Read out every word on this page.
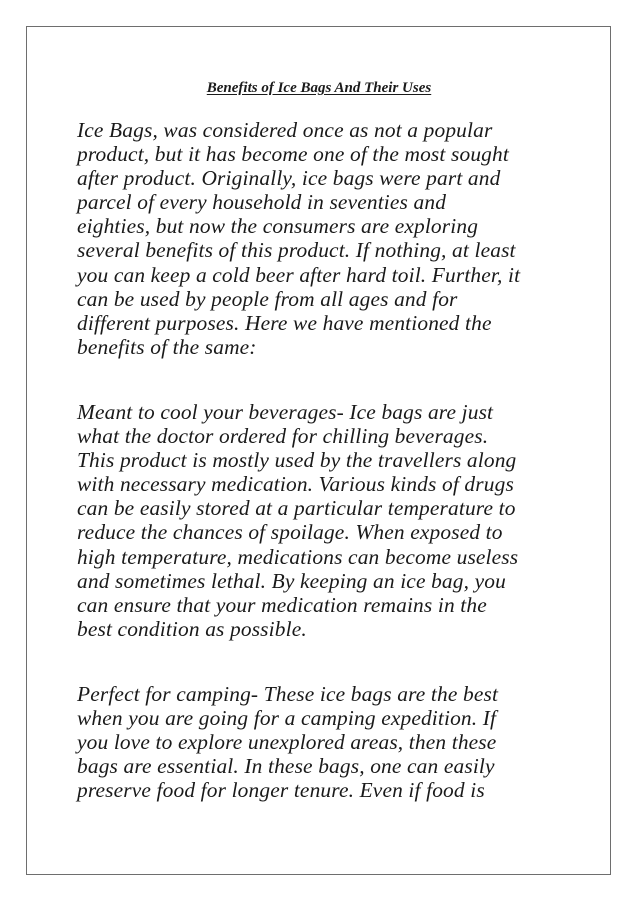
Benefits of Ice Bags And Their Uses
Ice Bags, was considered once as not a popular
product, but it has become one of the most sought
after product. Originally, ice bags were part and
parcel of every household in seventies and
eighties, but now the consumers are exploring
several benefits of this product. If nothing, at least
you can keep a cold beer after hard toil. Further, it
can be used by people from all ages and for
different purposes. Here we have mentioned the
benefits of the same:
Meant to cool your beverages- Ice bags are just
what the doctor ordered for chilling beverages.
This product is mostly used by the travellers along
with necessary medication. Various kinds of drugs
can be easily stored at a particular temperature to
reduce the chances of spoilage. When exposed to
high temperature, medications can become useless
and sometimes lethal. By keeping an ice bag, you
can ensure that your medication remains in the
best condition as possible.
Perfect for camping- These ice bags are the best
when you are going for a camping expedition. If
you love to explore unexplored areas, then these
bags are essential. In these bags, one can easily
preserve food for longer tenure. Even if food is
